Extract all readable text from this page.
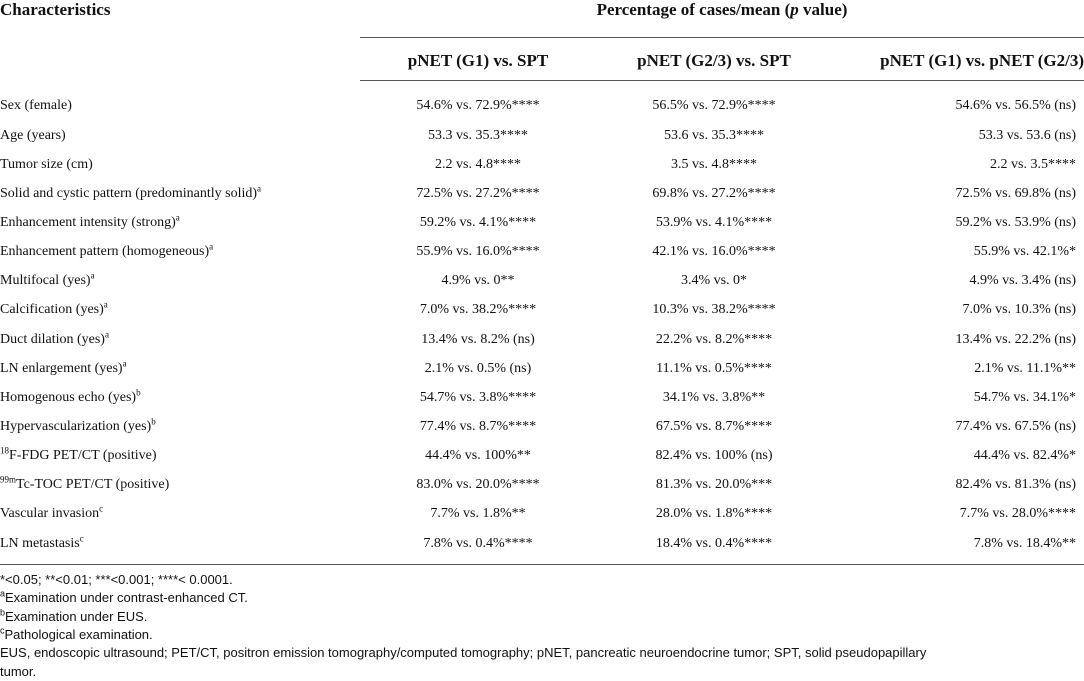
Characteristics	Percentage of cases/mean (p value)		
	pNET (G1) vs. SPT	pNET (G2/3) vs. SPT	pNET (G1) vs. pNET (G2/3)
Sex (female)	54.6% vs. 72.9%****	56.5% vs. 72.9%****	54.6% vs. 56.5% (ns)
Age (years)	53.3 vs. 35.3****	53.6 vs. 35.3****	53.3 vs. 53.6 (ns)
Tumor size (cm)	2.2 vs. 4.8****	3.5 vs. 4.8****	2.2 vs. 3.5****
Solid and cystic pattern (predominantly solid)$^a$	72.5% vs. 27.2%****	69.8% vs. 27.2%****	72.5% vs. 69.8% (ns)
Enhancement intensity (strong)$^a$	59.2% vs. 4.1%****	53.9% vs. 4.1%****	59.2% vs. 53.9% (ns)
Enhancement pattern (homogeneous)$^a$	55.9% vs. 16.0%****	42.1% vs. 16.0%****	55.9% vs. 42.1%*
Multifocal (yes)$^a$	4.9% vs. 0**	3.4% vs. 0*	4.9% vs. 3.4% (ns)
Calcification (yes)$^a$	7.0% vs. 38.2%****	10.3% vs. 38.2%****	7.0% vs. 10.3% (ns)
Duct dilation (yes)$^a$	13.4% vs. 8.2% (ns)	22.2% vs. 8.2%****	13.4% vs. 22.2% (ns)
LN enlargement (yes)$^a$	2.1% vs. 0.5% (ns)	11.1% vs. 0.5%****	2.1% vs. 11.1%**
Homogenous echo (yes)$^b$	54.7% vs. 3.8%****	34.1% vs. 3.8%**	54.7% vs. 34.1%*
Hypervascularization (yes)$^b$	77.4% vs. 8.7%****	67.5% vs. 8.7%****	77.4% vs. 67.5% (ns)
$^{18}$F-FDG PET/CT (positive)	44.4% vs. 100%**	82.4% vs. 100% (ns)	44.4% vs. 82.4%*
$^{99m}$Tc-TOC PET/CT (positive)	83.0% vs. 20.0%****	81.3% vs. 20.0%***	82.4% vs. 81.3% (ns)
Vascular invasion$^c$	7.7% vs. 1.8%**	28.0% vs. 1.8%****	7.7% vs. 28.0%****
LN metastasis$^c$	7.8% vs. 0.4%****	18.4% vs. 0.4%****	7.8% vs. 18.4%**
*<0.05; **<0.01; ***<0.001; ****< 0.0001.
$^a$Examination under contrast-enhanced CT.
$^b$Examination under EUS.
$^c$Pathological examination.
EUS, endoscopic ultrasound; PET/CT, positron emission tomography/computed tomography; pNET, pancreatic neuroendocrine tumor; SPT, solid pseudopapillary
tumor.
